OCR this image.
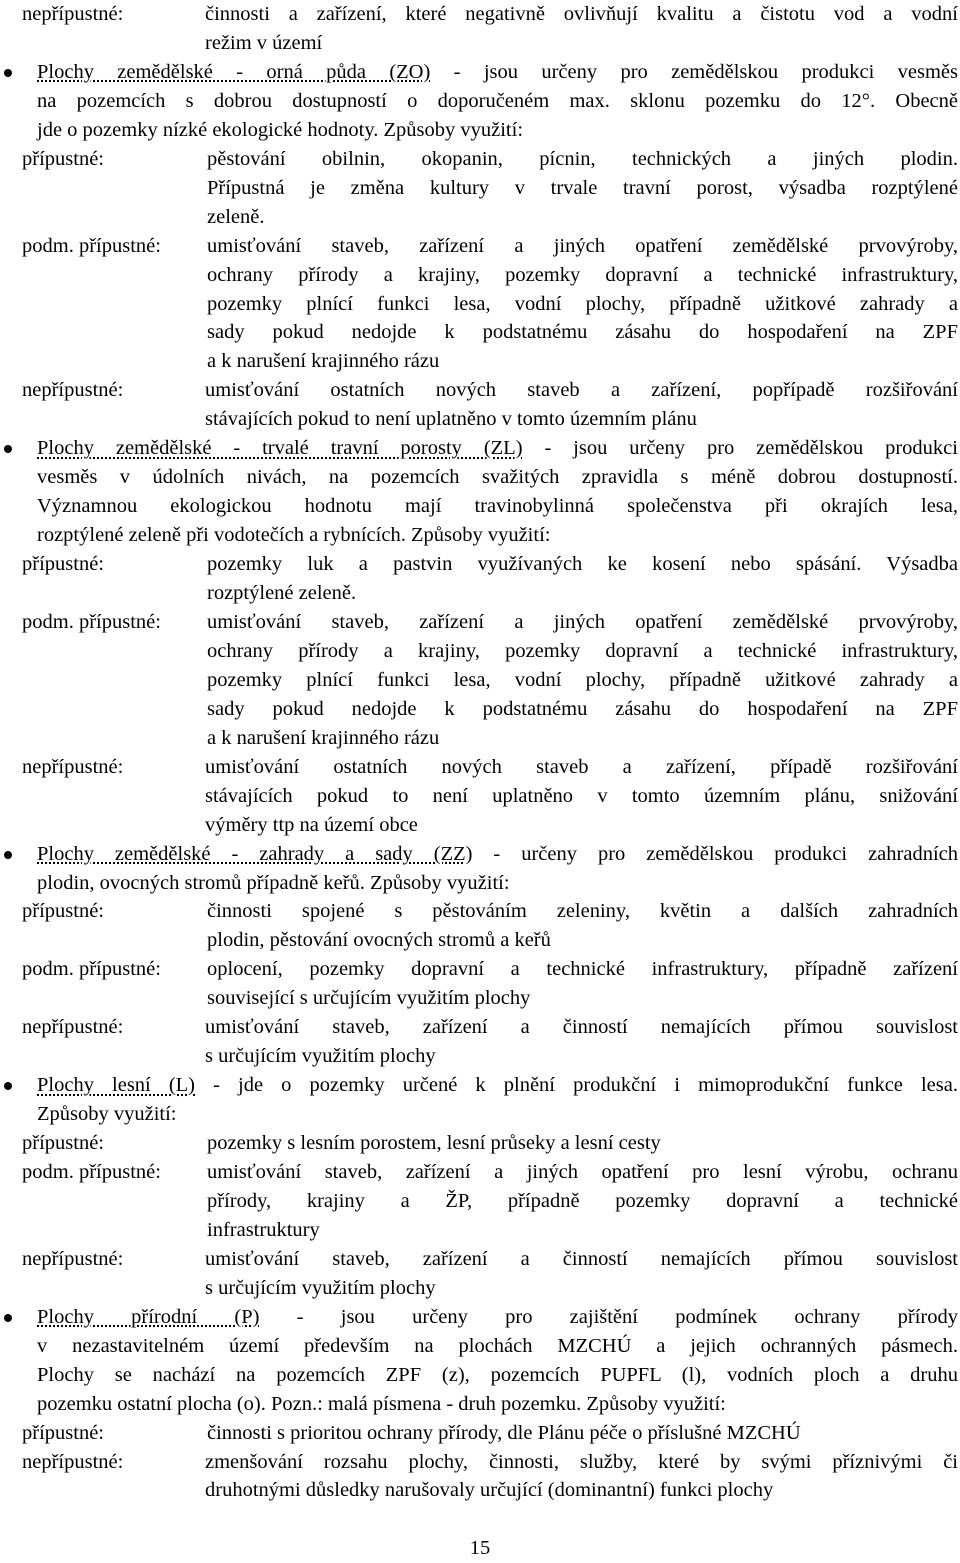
nepřípustné:	činnosti a zařízení, které negativně ovlivňují kvalitu a čistotu vod a vodní
režim v území
Plochy zemědělské - orná půda (ZO) - jsou určeny pro zemědělskou produkci vesměs
na pozemcích s dobrou dostupností o doporučeném max. sklonu pozemku do 12°. Obecně
jde o pozemky nízké ekologické hodnoty. Způsoby využití:
přípustné:	pěstování obilnin, okopanin, pícnin, technických a jiných plodin.
Přípustná je změna kultury v trvale travní porost, výsadba rozptýlené
zeleně.
podm. přípustné: umisťování staveb, zařízení a jiných opatření zemědělské prvovýroby,
ochrany přírody a krajiny, pozemky dopravní a technické infrastruktury,
pozemky plnící funkci lesa, vodní plochy, případně užitkové zahrady a
sady pokud nedojde k podstatnému zásahu do hospodaření na ZPF
a k narušení krajinného rázu
nepřípustné:	umisťování ostatních nových staveb a zařízení, popřípadě rozšiřování
stávajících pokud to není uplatněno v tomto územním plánu
Plochy zemědělské - trvalé travní porosty (ZL) - jsou určeny pro zemědělskou produkci
vesměs v údolních nivách, na pozemcích svažitých zpravidla s méně dobrou dostupností.
Významnou ekologickou hodnotu mají travinobylinná společenstva při okrajích lesa,
rozptýlené zeleně při vodotečích a rybnících. Způsoby využití:
přípustné:	pozemky luk a pastvin využívaných ke kosení nebo spásání. Výsadba
rozptýlené zeleně.
podm. přípustné: umisťování staveb, zařízení a jiných opatření zemědělské prvovýroby,
ochrany přírody a krajiny, pozemky dopravní a technické infrastruktury,
pozemky plnící funkci lesa, vodní plochy, případně užitkové zahrady a
sady pokud nedojde k podstatnému zásahu do hospodaření na ZPF
a k narušení krajinného rázu
nepřípustné:	umisťování ostatních nových staveb a zařízení, případě rozšiřování
stávajících pokud to není uplatněno v tomto územním plánu, snižování
výměry ttp na území obce
Plochy zemědělské - zahrady a sady (ZZ) - určeny pro zemědělskou produkci zahradních
plodin, ovocných stromů případně keřů. Způsoby využití:
přípustné:	činnosti spojené s pěstováním zeleniny, květin a dalších zahradních
plodin, pěstování ovocných stromů a keřů
podm. přípustné: oplocení, pozemky dopravní a technické infrastruktury, případně zařízení
související s určujícím využitím plochy
nepřípustné:	umisťování staveb, zařízení a činností nemajících přímou souvislost
s určujícím využitím plochy
Plochy lesní (L) - jde o pozemky určené k plnění produkční i mimoprodukční funkce lesa.
Způsoby využití:
přípustné:	pozemky s lesním porostem, lesní průseky a lesní cesty
podm. přípustné: umisťování staveb, zařízení a jiných opatření pro lesní výrobu, ochranu
přírody, krajiny a ŽP, případně pozemky dopravní a technické
infrastruktury
nepřípustné:	umisťování staveb, zařízení a činností nemajících přímou souvislost
s určujícím využitím plochy
Plochy přírodní (P) - jsou určeny pro zajištění podmínek ochrany přírody
v nezastavitelném území především na plochách MZCHÚ a jejich ochranných pásmech.
Plochy se nachází na pozemcích ZPF (z), pozemcích PUPFL (l), vodních ploch a druhu
pozemku ostatní plocha (o). Pozn.: malá písmena - druh pozemku. Způsoby využití:
přípustné:	činnosti s prioritou ochrany přírody, dle Plánu péče o příslušné MZCHÚ
nepřípustné:	zmenšování rozsahu plochy, činnosti, služby, které by svými příznivými či
druhotnými důsledky narušovaly určující (dominantní) funkci plochy
15
